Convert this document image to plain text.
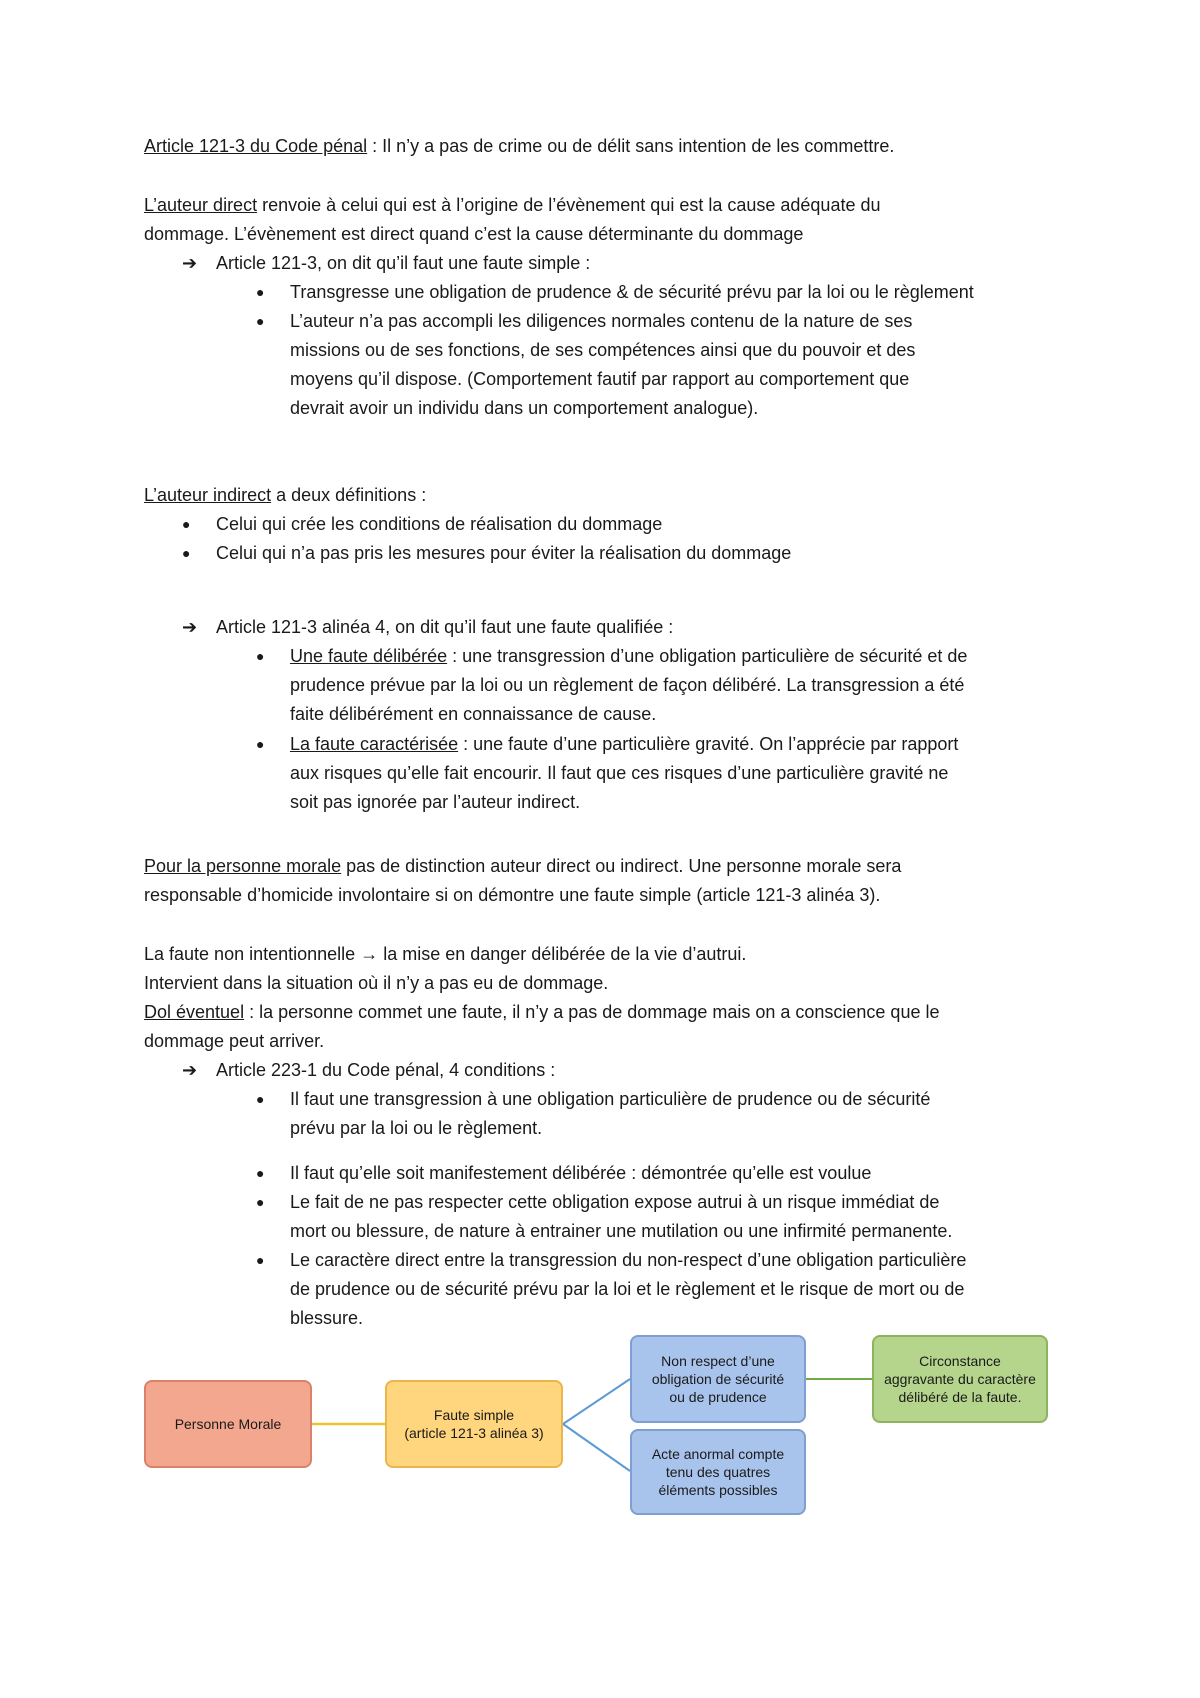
Article 121-3 du Code pénal : Il n’y a pas de crime ou de délit sans intention de les commettre.
L’auteur direct renvoie à celui qui est à l’origine de l’évènement qui est la cause adéquate du
dommage. L’évènement est direct quand c’est la cause déterminante du dommage
➔ Article 121-3, on dit qu’il faut une faute simple :
● Transgresse une obligation de prudence & de sécurité prévu par la loi ou le règlement
● L’auteur n’a pas accompli les diligences normales contenu de la nature de ses
missions ou de ses fonctions, de ses compétences ainsi que du pouvoir et des
moyens qu’il dispose. (Comportement fautif par rapport au comportement que
devrait avoir un individu dans un comportement analogue).
L’auteur indirect a deux définitions :
● Celui qui crée les conditions de réalisation du dommage
● Celui qui n’a pas pris les mesures pour éviter la réalisation du dommage
➔ Article 121-3 alinéa 4, on dit qu’il faut une faute qualifiée :
● Une faute délibérée : une transgression d’une obligation particulière de sécurité et de
prudence prévue par la loi ou un règlement de façon délibéré. La transgression a été
faite délibérément en connaissance de cause.
● La faute caractérisée : une faute d’une particulière gravité. On l’apprécie par rapport
aux risques qu’elle fait encourir. Il faut que ces risques d’une particulière gravité ne
soit pas ignorée par l’auteur indirect.
Pour la personne morale pas de distinction auteur direct ou indirect. Une personne morale sera
responsable d’homicide involontaire si on démontre une faute simple (article 121-3 alinéa 3).
La faute non intentionnelle → la mise en danger délibérée de la vie d’autrui.
Intervient dans la situation où il n’y a pas eu de dommage.
Dol éventuel : la personne commet une faute, il n’y a pas de dommage mais on a conscience que le
dommage peut arriver.
➔ Article 223-1 du Code pénal, 4 conditions :
● Il faut une transgression à une obligation particulière de prudence ou de sécurité
prévu par la loi ou le règlement.
● Il faut qu’elle soit manifestement délibérée : démontrée qu’elle est voulue
● Le fait de ne pas respecter cette obligation expose autrui à un risque immédiat de
mort ou blessure, de nature à entrainer une mutilation ou une infirmité permanente.
● Le caractère direct entre la transgression du non-respect d’une obligation particulière
de prudence ou de sécurité prévu par la loi et le règlement et le risque de mort ou de
blessure.
Personne Morale
Faute simple
(article 121-3 alinéa 3)
Non respect d’une
obligation de sécurité
ou de prudence
Acte anormal compte
tenu des quatres
éléments possibles
Circonstance
aggravante du caractère
délibéré de la faute.
